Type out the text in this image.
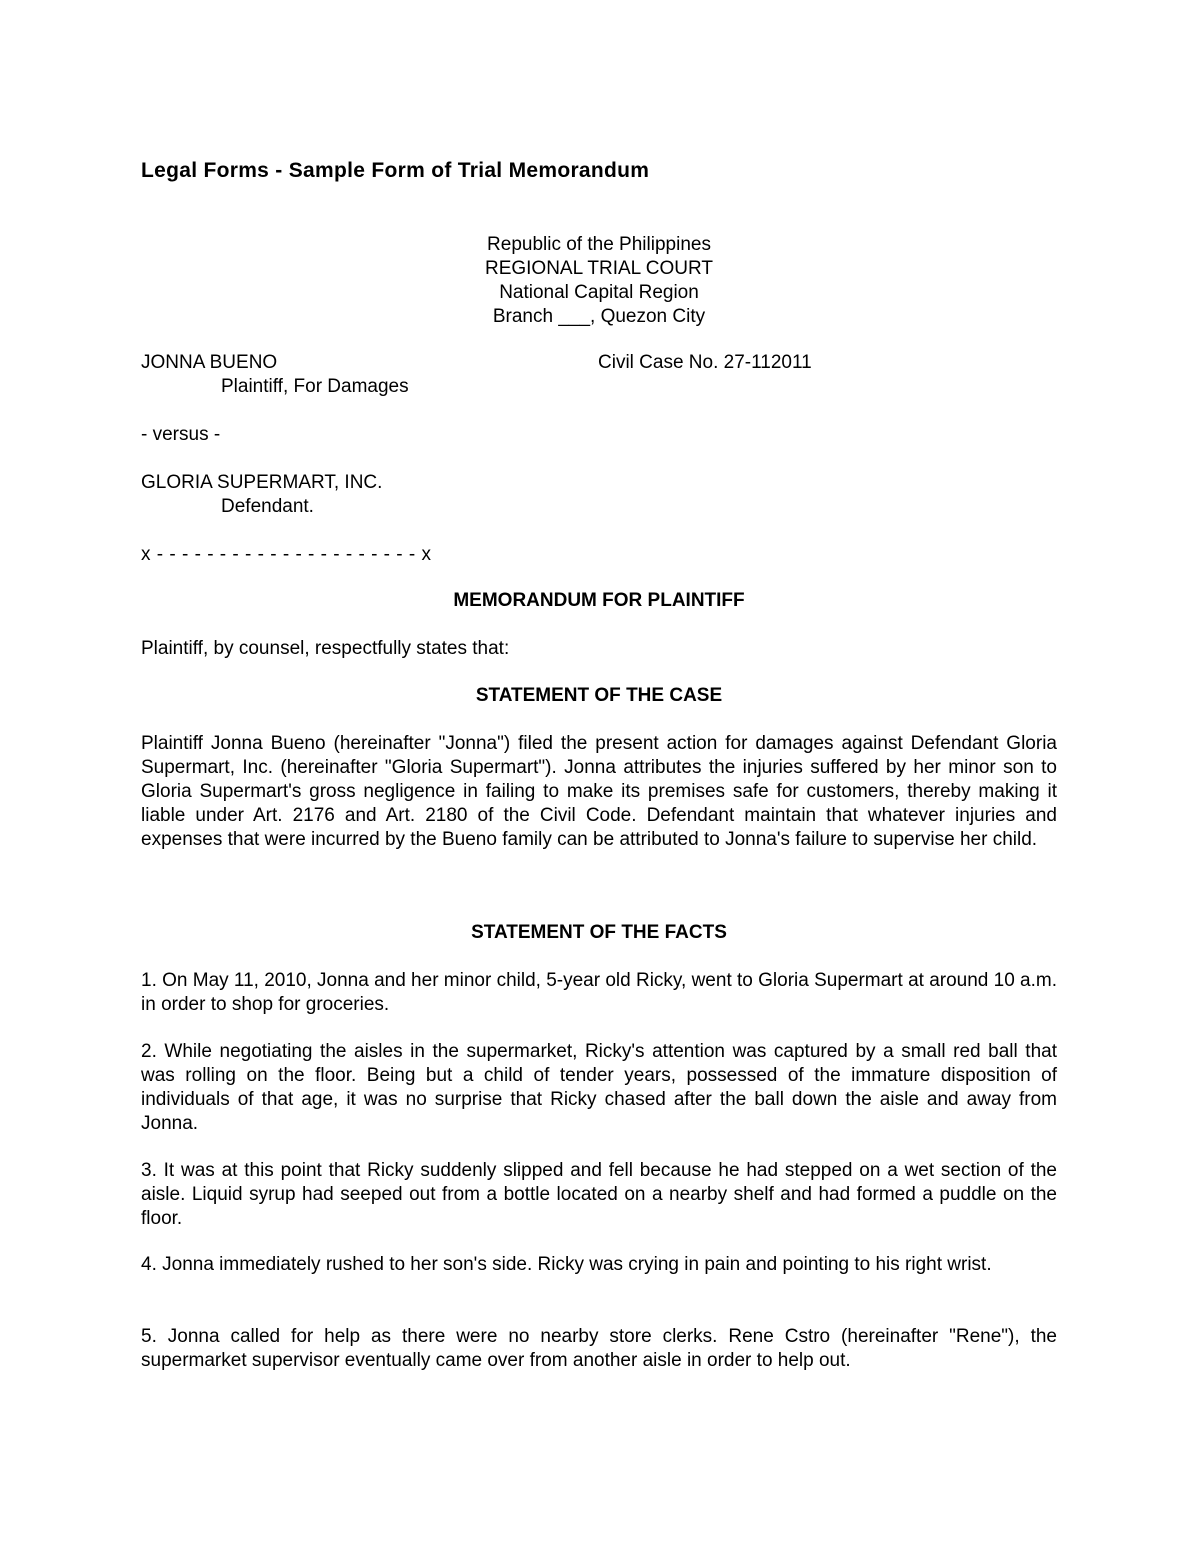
Legal Forms - Sample Form of Trial Memorandum
Republic of the Philippines
REGIONAL TRIAL COURT
National Capital Region
Branch ___, Quezon City
JONNA BUENO	Civil Case No. 27-112011
Plaintiff, For Damages
- versus -
GLORIA SUPERMART, INC.
Defendant.
x - - - - - - - - - - - - - - - - - - - - - x
MEMORANDUM FOR PLAINTIFF
Plaintiff, by counsel, respectfully states that:
STATEMENT OF THE CASE
Plaintiff Jonna Bueno (hereinafter "Jonna") filed the present action for damages against Defendant Gloria Supermart, Inc. (hereinafter "Gloria Supermart"). Jonna attributes the injuries suffered by her minor son to Gloria Supermart's gross negligence in failing to make its premises safe for customers, thereby making it liable under Art. 2176 and Art. 2180 of the Civil Code. Defendant maintain that whatever injuries and expenses that were incurred by the Bueno family can be attributed to Jonna's failure to supervise her child.
STATEMENT OF THE FACTS
1. On May 11, 2010, Jonna and her minor child, 5-year old Ricky, went to Gloria Supermart at around 10 a.m. in order to shop for groceries.
2. While negotiating the aisles in the supermarket, Ricky's attention was captured by a small red ball that was rolling on the floor. Being but a child of tender years, possessed of the immature disposition of individuals of that age, it was no surprise that Ricky chased after the ball down the aisle and away from Jonna.
3. It was at this point that Ricky suddenly slipped and fell because he had stepped on a wet section of the aisle. Liquid syrup had seeped out from a bottle located on a nearby shelf and had formed a puddle on the floor.
4. Jonna immediately rushed to her son's side. Ricky was crying in pain and pointing to his right wrist.
5. Jonna called for help as there were no nearby store clerks. Rene Cstro (hereinafter "Rene"), the supermarket supervisor eventually came over from another aisle in order to help out.
